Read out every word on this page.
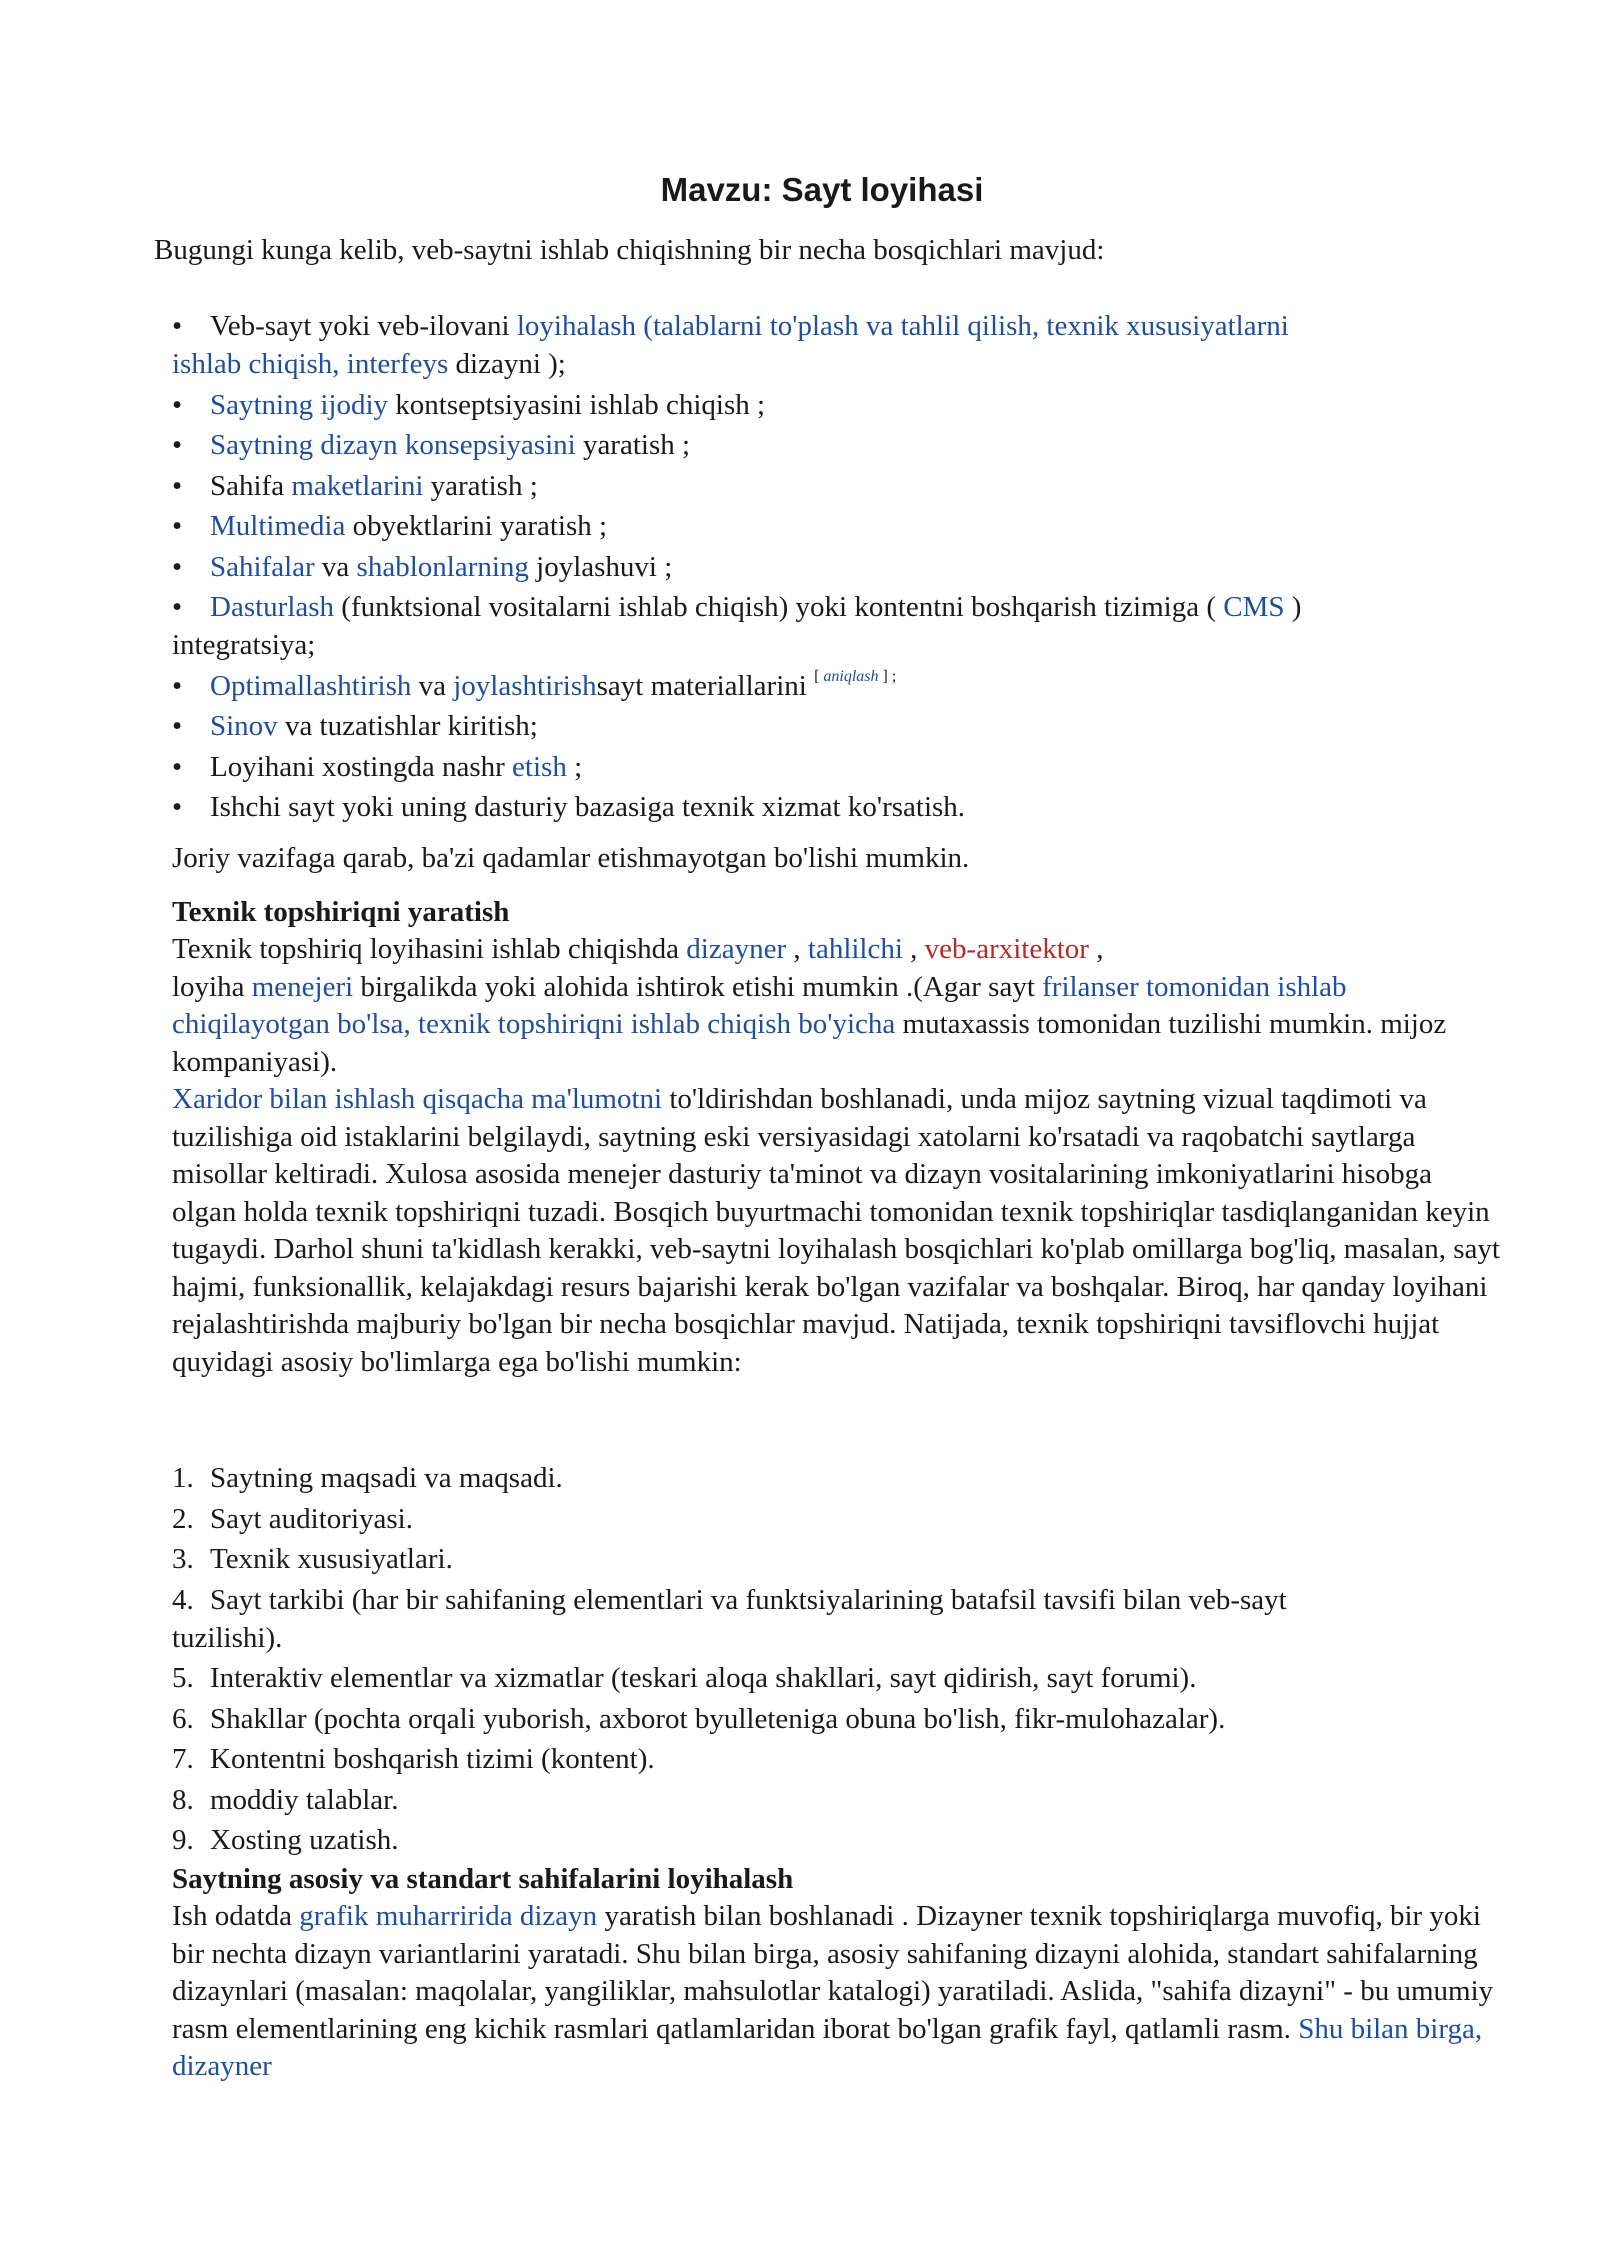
Mavzu: Sayt loyihasi
Bugungi kunga kelib, veb-saytni ishlab chiqishning bir necha bosqichlari mavjud:
• Veb-sayt yoki veb-ilovani loyihalash (talablarni to'plash va tahlil qilish, texnik xususiyatlarni
ishlab chiqish, interfeys dizayni );
• Saytning ijodiy kontseptsiyasini ishlab chiqish ;
• Saytning dizayn konsepsiyasini yaratish ;
• Sahifa maketlarini yaratish ;
• Multimedia obyektlarini yaratish ;
• Sahifalar va shablonlarning joylashuvi ;
• Dasturlash (funktsional vositalarni ishlab chiqish) yoki kontentni boshqarish tizimiga ( CMS )
integratsiya;
• Optimallashtirish va joylashtirishsayt materiallarini $^{[ aniqlash ] ;}$
• Sinov va tuzatishlar kiritish;
• Loyihani xostingda nashr etish ;
• Ishchi sayt yoki uning dasturiy bazasiga texnik xizmat ko'rsatish.
Joriy vazifaga qarab, ba'zi qadamlar etishmayotgan bo'lishi mumkin.
Texnik topshiriqni yaratish
Texnik topshiriq loyihasini ishlab chiqishda dizayner , tahlilchi , veb-arxitektor ,
loyiha menejeri birgalikda yoki alohida ishtirok etishi mumkin .(Agar sayt frilanser tomonidan ishlab chiqilayotgan bo'lsa, texnik topshiriqni ishlab chiqish bo'yicha mutaxassis tomonidan tuzilishi mumkin. mijoz kompaniyasi).
Xaridor bilan ishlash qisqacha ma'lumotni to'ldirishdan boshlanadi, unda mijoz saytning vizual taqdimoti va tuzilishiga oid istaklarini belgilaydi, saytning eski versiyasidagi xatolarni ko'rsatadi va raqobatchi saytlarga misollar keltiradi. Xulosa asosida menejer dasturiy ta'minot va dizayn vositalarining imkoniyatlarini hisobga olgan holda texnik topshiriqni tuzadi. Bosqich buyurtmachi tomonidan texnik topshiriqlar tasdiqlanganidan keyin tugaydi. Darhol shuni ta'kidlash kerakki, veb-saytni loyihalash bosqichlari ko'plab omillarga bog'liq, masalan, sayt hajmi, funksionallik, kelajakdagi resurs bajarishi kerak bo'lgan vazifalar va boshqalar. Biroq, har qanday loyihani rejalashtirishda majburiy bo'lgan bir necha bosqichlar mavjud. Natijada, texnik topshiriqni tavsiflovchi hujjat quyidagi asosiy bo'limlarga ega bo'lishi mumkin:
1. Saytning maqsadi va maqsadi.
2. Sayt auditoriyasi.
3. Texnik xususiyatlari.
4. Sayt tarkibi (har bir sahifaning elementlari va funktsiyalarining batafsil tavsifi bilan veb-sayt
tuzilishi).
5. Interaktiv elementlar va xizmatlar (teskari aloqa shakllari, sayt qidirish, sayt forumi).
6. Shakllar (pochta orqali yuborish, axborot byulleteniga obuna bo'lish, fikr-mulohazalar).
7. Kontentni boshqarish tizimi (kontent).
8. moddiy talablar.
9. Xosting uzatish.
Saytning asosiy va standart sahifalarini loyihalash
Ish odatda grafik muharririda dizayn yaratish bilan boshlanadi . Dizayner texnik topshiriqlarga muvofiq, bir yoki bir nechta dizayn variantlarini yaratadi. Shu bilan birga, asosiy sahifaning dizayni alohida, standart sahifalarning dizaynlari (masalan: maqolalar, yangiliklar, mahsulotlar katalogi) yaratiladi. Aslida, "sahifa dizayni" - bu umumiy rasm elementlarining eng kichik rasmlari qatlamlaridan iborat bo'lgan grafik fayl, qatlamli rasm. Shu bilan birga, dizayner
